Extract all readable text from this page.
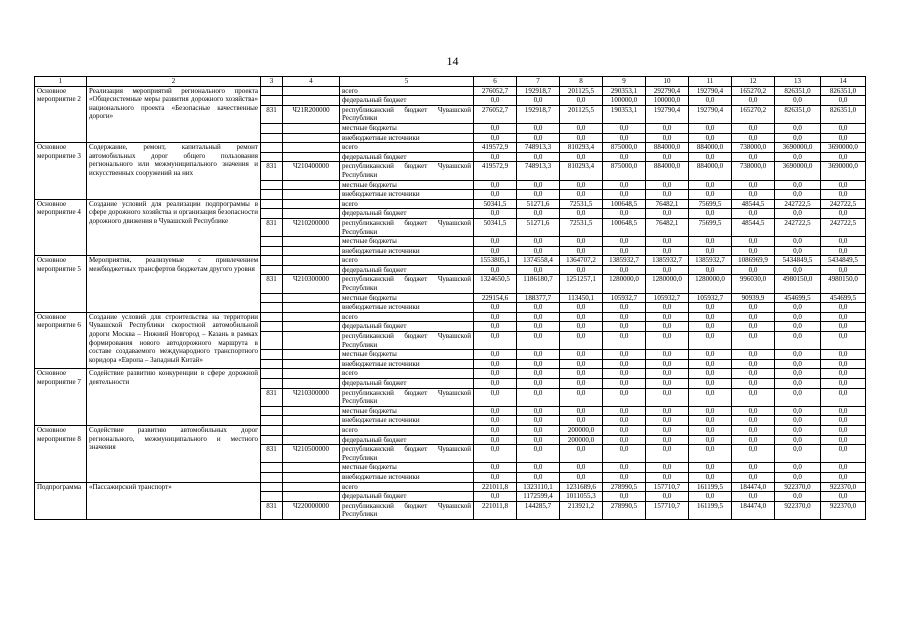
14
1	2	3	4	5	6	7	8	9	10	11	12	13	14
Основное мероприятие 2	Реализация мероприятий регионального проекта «Общесистемные меры развития дорожного хозяйства» национального проекта «Безопасные качественные дороги»			всего	276052,7	192918,7	201125,5	290353,1	292790,4	192790,4	165270,2	826351,0	826351,0
				федеральный бюджет	0,0	0,0	0,0	100000,0	100000,0	0,0	0,0	0,0	0,0
		831	Ч21R200000	республиканский бюджет Чувашской Республики	276052,7	192918,7	201125,5	190353,1	192790,4	192790,4	165270,2	826351,0	826351,0
				местные бюджеты	0,0	0,0	0,0	0,0	0,0	0,0	0,0	0,0	0,0
				внебюджетные источники	0,0	0,0	0,0	0,0	0,0	0,0	0,0	0,0	0,0
Основное мероприятие 3	Содержание, ремонт, капитальный ремонт автомобильных дорог общего пользования регионального или межмуниципального значения и искусственных сооружений на них			всего	419572,9	748913,3	810293,4	875000,0	884000,0	884000,0	738000,0	3690000,0	3690000,0
				федеральный бюджет	0,0	0,0	0,0	0,0	0,0	0,0	0,0	0,0	0,0
		831	Ч210400000	республиканский бюджет Чувашской Республики	419572,9	748913,3	810293,4	875000,0	884000,0	884000,0	738000,0	3690000,0	3690000,0
				местные бюджеты	0,0	0,0	0,0	0,0	0,0	0,0	0,0	0,0	0,0
				внебюджетные источники	0,0	0,0	0,0	0,0	0,0	0,0	0,0	0,0	0,0
Основное мероприятие 4	Создание условий для реализации подпрограммы в сфере дорожного хозяйства и организация безопасности дорожного движения в Чувашской Республике			всего	50341,5	51271,6	72531,5	100648,5	76482,1	75699,5	48544,5	242722,5	242722,5
				федеральный бюджет	0,0	0,0	0,0	0,0	0,0	0,0	0,0	0,0	0,0
		831	Ч210200000	республиканский бюджет Чувашской Республики	50341,5	51271,6	72531,5	100648,5	76482,1	75699,5	48544,5	242722,5	242722,5
				местные бюджеты	0,0	0,0	0,0	0,0	0,0	0,0	0,0	0,0	0,0
				внебюджетные источники	0,0	0,0	0,0	0,0	0,0	0,0	0,0	0,0	0,0
Основное мероприятие 5	Мероприятия, реализуемые с привлечением межбюджетных трансфертов бюджетам другого уровня			всего	1553805,1	1374558,4	1364707,2	1385932,7	1385932,7	1385932,7	1086969,9	5434849,5	5434849,5
				федеральный бюджет	0,0	0,0	0,0	0,0	0,0	0,0	0,0	0,0	0,0
		831	Ч210300000	республиканский бюджет Чувашской Республики	1324650,5	1186180,7	1251257,1	1280000,0	1280000,0	1280000,0	996030,0	4980150,0	4980150,0
				местные бюджеты	229154,6	188377,7	113450,1	105932,7	105932,7	105932,7	90939,9	454699,5	454699,5
				внебюджетные источники	0,0	0,0	0,0	0,0	0,0	0,0	0,0	0,0	0,0
Основное мероприятие 6	Создание условий для строительства на территории Чувашской Республики скоростной автомобильной дороги Москва – Нижний Новгород – Казань в рамках формирования нового автодорожного маршрута в составе создаваемого международного транспортного коридора «Европа – Западный Китай»			всего	0,0	0,0	0,0	0,0	0,0	0,0	0,0	0,0	0,0
				федеральный бюджет	0,0	0,0	0,0	0,0	0,0	0,0	0,0	0,0	0,0
				республиканский бюджет Чувашской Республики	0,0	0,0	0,0	0,0	0,0	0,0	0,0	0,0	0,0
				местные бюджеты	0,0	0,0	0,0	0,0	0,0	0,0	0,0	0,0	0,0
				внебюджетные источники	0,0	0,0	0,0	0,0	0,0	0,0	0,0	0,0	0,0
Основное мероприятие 7	Содействие развитию конкуренции в сфере дорожной деятельности			всего	0,0	0,0	0,0	0,0	0,0	0,0	0,0	0,0	0,0
				федеральный бюджет	0,0	0,0	0,0	0,0	0,0	0,0	0,0	0,0	0,0
		831	Ч210300000	республиканский бюджет Чувашской Республики	0,0	0,0	0,0	0,0	0,0	0,0	0,0	0,0	0,0
				местные бюджеты	0,0	0,0	0,0	0,0	0,0	0,0	0,0	0,0	0,0
				внебюджетные источники	0,0	0,0	0,0	0,0	0,0	0,0	0,0	0,0	0,0
Основное мероприятие 8	Содействие развитию автомобильных дорог регионального, межмуниципального и местного значения			всего	0,0	0,0	200000,0	0,0	0,0	0,0	0,0	0,0	0,0
				федеральный бюджет	0,0	0,0	200000,0	0,0	0,0	0,0	0,0	0,0	0,0
		831	Ч210500000	республиканский бюджет Чувашской Республики	0,0	0,0	0,0	0,0	0,0	0,0	0,0	0,0	0,0
				местные бюджеты	0,0	0,0	0,0	0,0	0,0	0,0	0,0	0,0	0,0
				внебюджетные источники	0,0	0,0	0,0	0,0	0,0	0,0	0,0	0,0	0,0
Подпрограмма	«Пассажирский транспорт»			всего	221011,8	1323110,1	1231689,6	278990,5	157710,7	161199,5	184474,0	922370,0	922370,0
				федеральный бюджет	0,0	1172599,4	1011055,3	0,0	0,0	0,0	0,0	0,0	0,0
		831	Ч220000000	республиканский бюджет Чувашской Республики	221011,8	144285,7	213921,2	278990,5	157710,7	161199,5	184474,0	922370,0	922370,0
